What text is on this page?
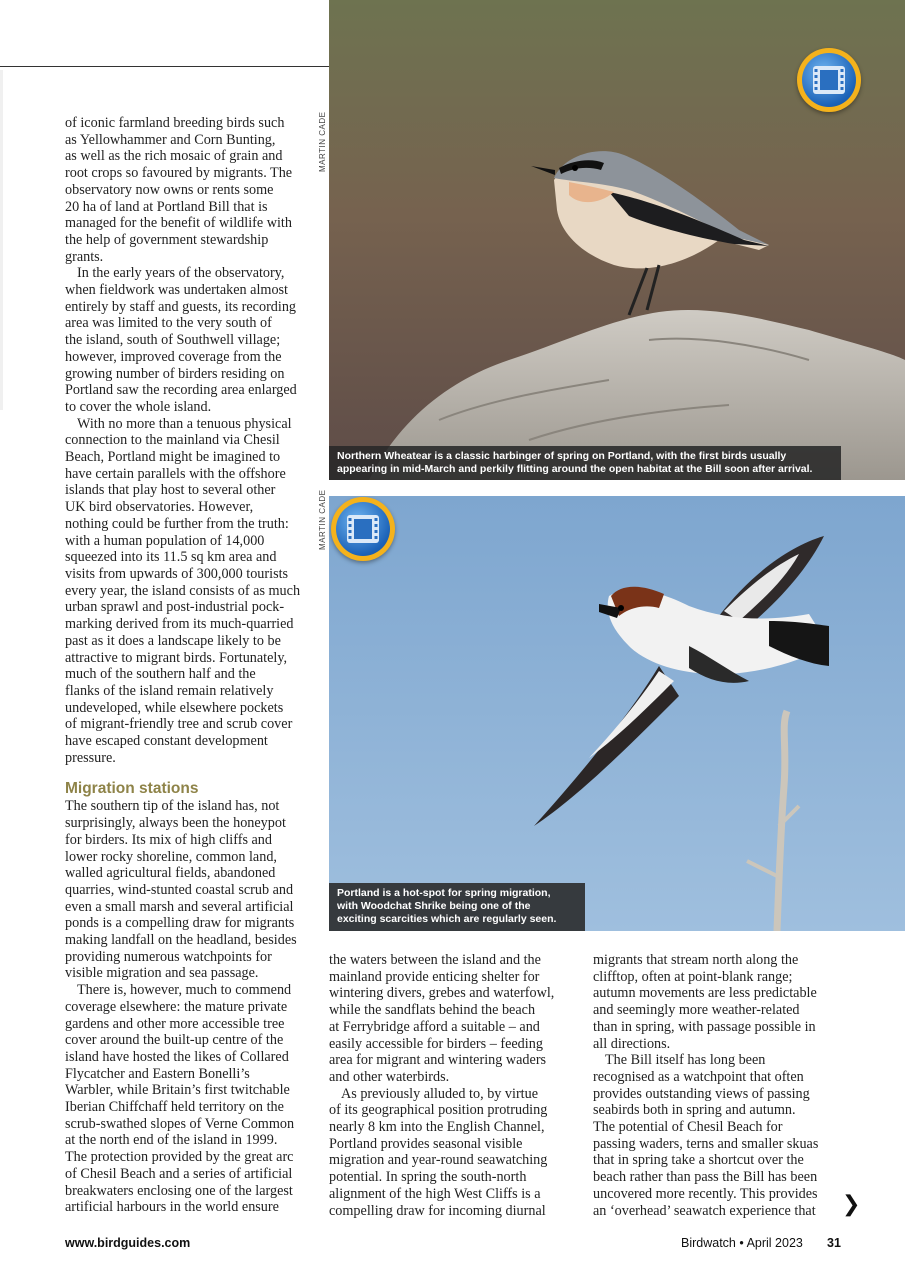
MARTIN CADE
Northern Wheatear is a classic harbinger of spring on Portland, with the first birds usually
appearing in mid-March and perkily flitting around the open habitat at the Bill soon after arrival.
MARTIN CADE
Portland is a hot-spot for spring migration,
with Woodchat Shrike being one of the
exciting scarcities which are regularly seen.
of iconic farmland breeding birds such
as Yellowhammer and Corn Bunting,
as well as the rich mosaic of grain and
root crops so favoured by migrants. The
observatory now owns or rents some
20 ha of land at Portland Bill that is
managed for the benefit of wildlife with
the help of government stewardship
grants.
In the early years of the observatory,
when fieldwork was undertaken almost
entirely by staff and guests, its recording
area was limited to the very south of
the island, south of Southwell village;
however, improved coverage from the
growing number of birders residing on
Portland saw the recording area enlarged
to cover the whole island.
With no more than a tenuous physical
connection to the mainland via Chesil
Beach, Portland might be imagined to
have certain parallels with the offshore
islands that play host to several other
UK bird observatories. However,
nothing could be further from the truth:
with a human population of 14,000
squeezed into its 11.5 sq km area and
visits from upwards of 300,000 tourists
every year, the island consists of as much
urban sprawl and post-industrial pock-
marking derived from its much-quarried
past as it does a landscape likely to be
attractive to migrant birds. Fortunately,
much of the southern half and the
flanks of the island remain relatively
undeveloped, while elsewhere pockets
of migrant-friendly tree and scrub cover
have escaped constant development
pressure.
Migration stations
The southern tip of the island has, not
surprisingly, always been the honeypot
for birders. Its mix of high cliffs and
lower rocky shoreline, common land,
walled agricultural fields, abandoned
quarries, wind-stunted coastal scrub and
even a small marsh and several artificial
ponds is a compelling draw for migrants
making landfall on the headland, besides
providing numerous watchpoints for
visible migration and sea passage.
There is, however, much to commend
coverage elsewhere: the mature private
gardens and other more accessible tree
cover around the built-up centre of the
island have hosted the likes of Collared
Flycatcher and Eastern Bonelli’s
Warbler, while Britain’s first twitchable
Iberian Chiffchaff held territory on the
scrub-swathed slopes of Verne Common
at the north end of the island in 1999.
The protection provided by the great arc
of Chesil Beach and a series of artificial
breakwaters enclosing one of the largest
artificial harbours in the world ensure
the waters between the island and the
mainland provide enticing shelter for
wintering divers, grebes and waterfowl,
while the sandflats behind the beach
at Ferrybridge afford a suitable – and
easily accessible for birders – feeding
area for migrant and wintering waders
and other waterbirds.
As previously alluded to, by virtue
of its geographical position protruding
nearly 8 km into the English Channel,
Portland provides seasonal visible
migration and year-round seawatching
potential. In spring the south-north
alignment of the high West Cliffs is a
compelling draw for incoming diurnal
migrants that stream north along the
clifftop, often at point-blank range;
autumn movements are less predictable
and seemingly more weather-related
than in spring, with passage possible in
all directions.
The Bill itself has long been
recognised as a watchpoint that often
provides outstanding views of passing
seabirds both in spring and autumn.
The potential of Chesil Beach for
passing waders, terns and smaller skuas
that in spring take a shortcut over the
beach rather than pass the Bill has been
uncovered more recently. This provides
an ‘overhead’ seawatch experience that	❯
www.birdguides.com	Birdwatch • April 2023 31
